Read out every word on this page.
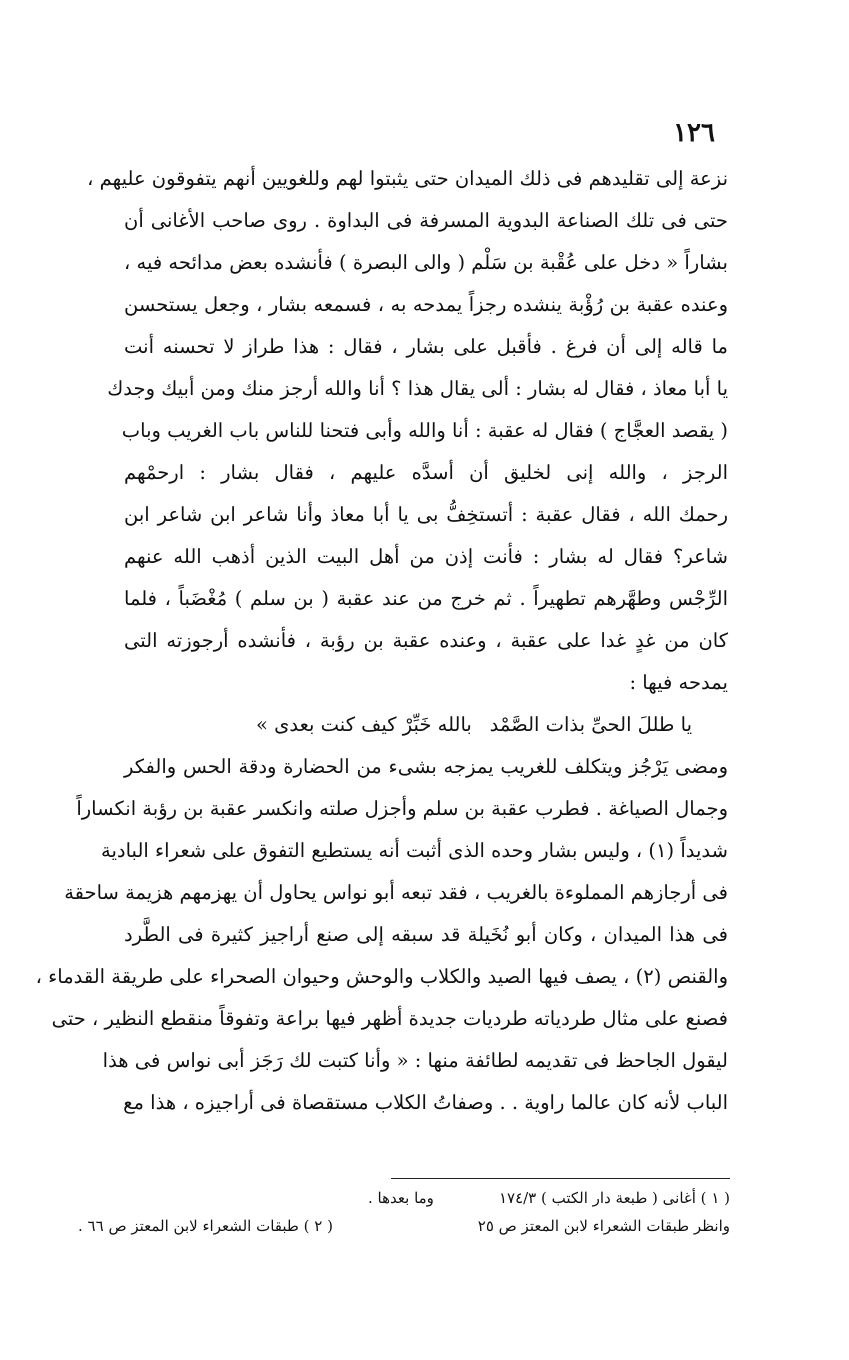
١٢٦
نزعة إلى تقليدهم فى ذلك الميدان حتى يثبتوا لهم وللغويين أنهم يتفوقون عليهم ،
حتى فى تلك الصناعة البدوية المسرفة فى البداوة . روى صاحب الأغانى أن
بشاراً « دخل على عُقْبة بن سَلْم ( والى البصرة ) فأنشده بعض مدائحه فيه ،
وعنده عقبة بن رُؤْبة ينشده رجزاً يمدحه به ، فسمعه بشار ، وجعل يستحسن
ما قاله إلى أن فرغ . فأقبل على بشار ، فقال : هذا طراز لا تحسنه أنت
يا أبا معاذ ، فقال له بشار : ألى يقال هذا ؟ أنا والله أرجز منك ومن أبيك وجدك
( يقصد العجَّاج ) فقال له عقبة : أنا والله وأبى فتحنا للناس باب الغريب وباب
الرجز ، والله إنى لخليق أن أسدَّه عليهم ، فقال بشار : ارحمْهم
رحمك الله ، فقال عقبة : أتستخِفُّ بى يا أبا معاذ وأنا شاعر ابن شاعر ابن
شاعر؟ فقال له بشار : فأنت إذن من أهل البيت الذين أذهب الله عنهم
الرِّجْس وطهَّرهم تطهيراً . ثم خرج من عند عقبة ( بن سلم ) مُغْضَباً ، فلما
كان من غدٍ غدا على عقبة ، وعنده عقبة بن رؤبة ، فأنشده أرجوزته التى
يمدحه فيها :
يا طللَ الحىِّ بذات الصَّمْد
بالله خَبِّرْ كيف كنت بعدى »
ومضى يَرْجُز ويتكلف للغريب يمزجه بشىء من الحضارة ودقة الحس والفكر
وجمال الصياغة . فطرب عقبة بن سلم وأجزل صلته وانكسر عقبة بن رؤبة انكساراً
شديداً (١) ، وليس بشار وحده الذى أثبت أنه يستطيع التفوق على شعراء البادية
فى أرجازهم المملوءة بالغريب ، فقد تبعه أبو نواس يحاول أن يهزمهم هزيمة ساحقة
فى هذا الميدان ، وكان أبو نُخَيلة قد سبقه إلى صنع أراجيز كثيرة فى الطَّرد
والقنص (٢) ، يصف فيها الصيد والكلاب والوحش وحيوان الصحراء على طريقة القدماء ،
فصنع على مثال طردياته طرديات جديدة أظهر فيها براعة وتفوقاً منقطع النظير ، حتى
ليقول الجاحظ فى تقديمه لطائفة منها : « وأنا كتبت لك رَجَز أبى نواس فى هذا
الباب لأنه كان عالما راوية . . وصفاتُ الكلاب مستقصاة فى أراجيزه ، هذا مع
( ١ ) أغانى ( طبعة دار الكتب ) ١٧٤/٣
وما بعدها .
وانظر طبقات الشعراء لابن المعتز ص ٢٥
( ٢ ) طبقات الشعراء لابن المعتز ص ٦٦ .
